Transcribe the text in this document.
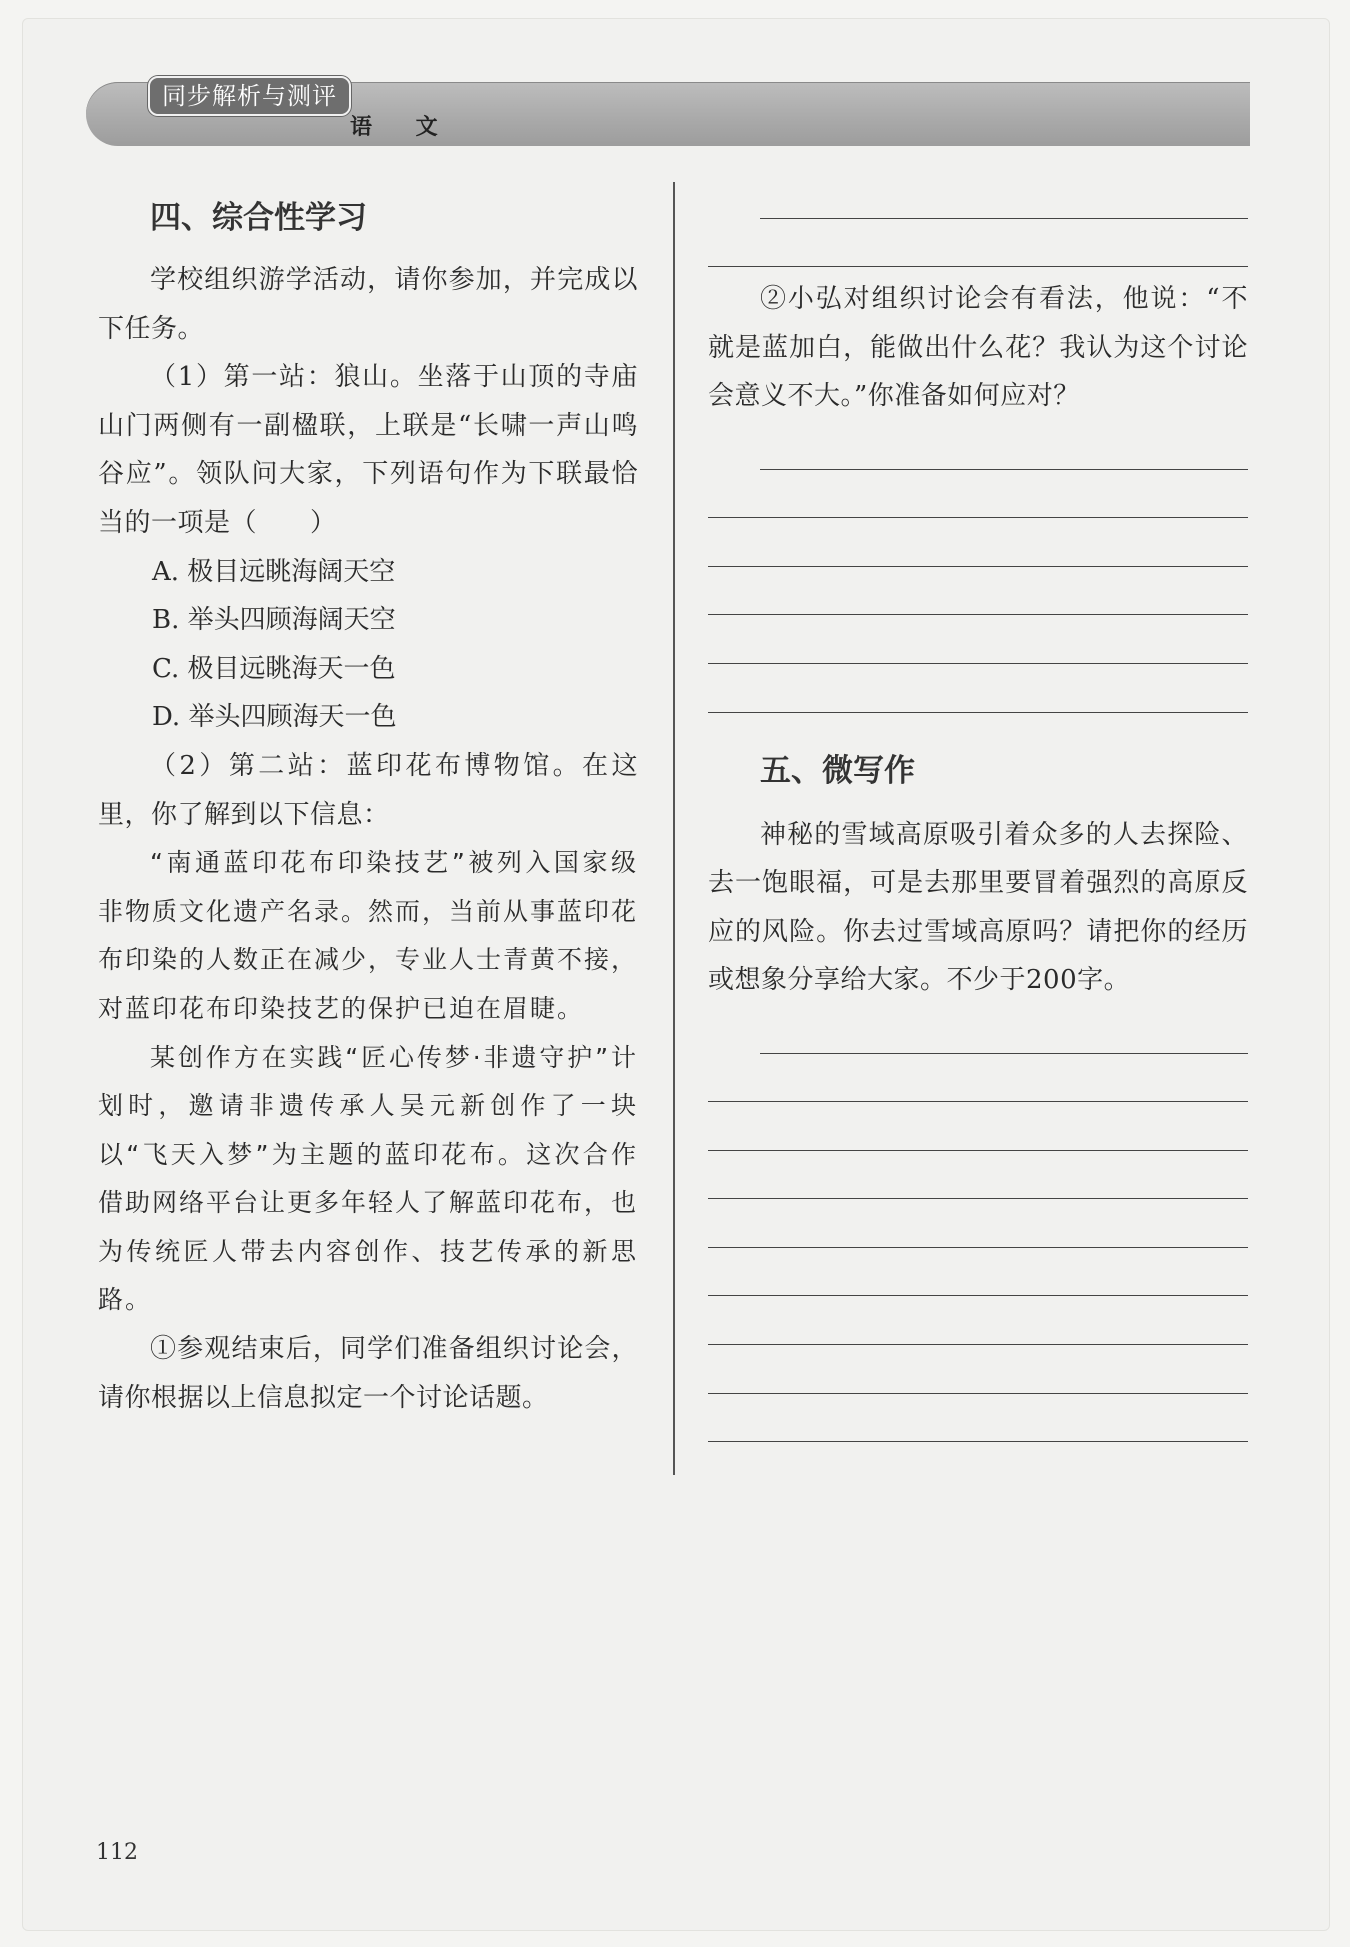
同步解析与测评
语 文
四、综合性学习

学校组织游学活动，请你参加，并完成以下任务。

（1）第一站：狼山。坐落于山顶的寺庙山门两侧有一副楹联，上联是“长啸一声山鸣谷应”。领队问大家，下列语句作为下联最恰当的一项是（　　）

A. 极目远眺海阔天空

B. 举头四顾海阔天空

C. 极目远眺海天一色

D. 举头四顾海天一色

（2）第二站：蓝印花布博物馆。在这里，你了解到以下信息：

“南通蓝印花布印染技艺”被列入国家级非物质文化遗产名录。然而，当前从事蓝印花布印染的人数正在减少，专业人士青黄不接，对蓝印花布印染技艺的保护已迫在眉睫。

某创作方在实践“匠心传梦·非遗守护”计划时，邀请非遗传承人吴元新创作了一块以“飞天入梦”为主题的蓝印花布。这次合作借助网络平台让更多年轻人了解蓝印花布，也为传统匠人带去内容创作、技艺传承的新思路。

①参观结束后，同学们准备组织讨论会，请你根据以上信息拟定一个讨论话题。

②小弘对组织讨论会有看法，他说：“不就是蓝加白，能做出什么花？我认为这个讨论会意义不大。”你准备如何应对？

五、微写作

神秘的雪域高原吸引着众多的人去探险、去一饱眼福，可是去那里要冒着强烈的高原反应的风险。你去过雪域高原吗？请把你的经历或想象分享给大家。不少于200字。

112
